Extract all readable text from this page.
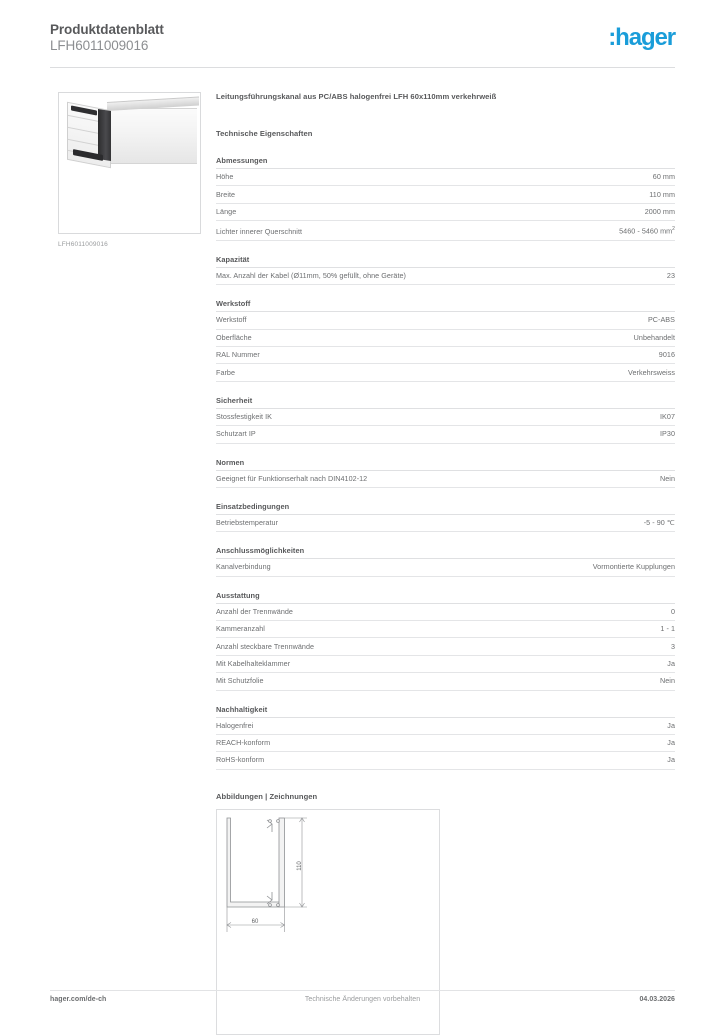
Produktdatenblatt
LFH6011009016	:hager
LFH6011009016
Leitungsführungskanal aus PC/ABS halogenfrei LFH 60x110mm verkehrweiß
Technische Eigenschaften
Abmessungen
Höhe	60 mm
Breite	110 mm
Länge	2000 mm
Lichter innerer Querschnitt	5460 - 5460 $mm^2$
Kapazität
Max. Anzahl der Kabel (Ø11mm, 50% gefüllt, ohne Geräte)	23
Werkstoff
Werkstoff	PC-ABS
Oberfläche	Unbehandelt
RAL Nummer	9016
Farbe	Verkehrsweiss
Sicherheit
Stossfestigkeit IK	IK07
Schutzart IP	IP30
Normen
Geeignet für Funktionserhalt nach DIN4102-12	Nein
Einsatzbedingungen
Betriebstemperatur	-5 - 90 ℃
Anschlussmöglichkeiten
Kanalverbindung	Vormontierte Kupplungen
Ausstattung
Anzahl der Trennwände	0
Kammeranzahl	1 - 1
Anzahl steckbare Trennwände	3
Mit Kabelhalteklammer	Ja
Mit Schutzfolie	Nein
Nachhaltigkeit
Halogenfrei	Ja
REACH-konform	Ja
RoHS-konform	Ja
Abbildungen | Zeichnungen
110
60
hager.com/de-ch	Technische Änderungen vorbehalten	04.03.2026
